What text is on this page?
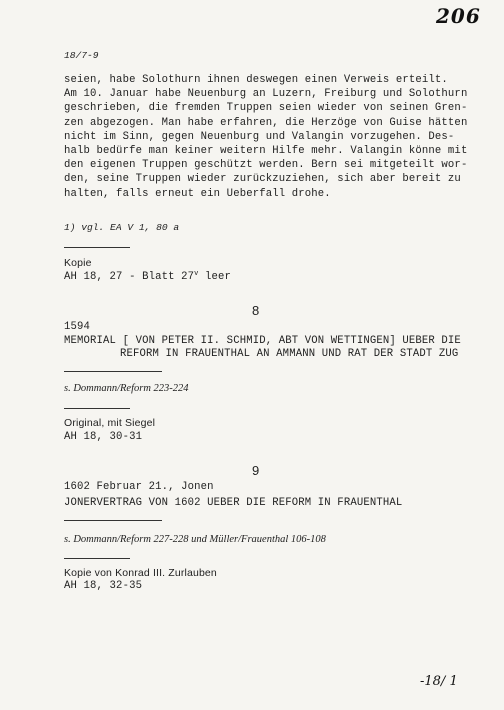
206
18/7-9
seien, habe Solothurn ihnen deswegen einen Verweis erteilt.
Am 10. Januar habe Neuenburg an Luzern, Freiburg und Solothurn
geschrieben, die fremden Truppen seien wieder von seinen Gren-
zen abgezogen. Man habe erfahren, die Herzöge von Guise hätten
nicht im Sinn, gegen Neuenburg und Valangin vorzugehen. Des-
halb bedürfe man keiner weitern Hilfe mehr. Valangin könne mit
den eigenen Truppen geschützt werden. Bern sei mitgeteilt wor-
den, seine Truppen wieder zurückzuziehen, sich aber bereit zu
halten, falls erneut ein Ueberfall drohe.
1) vgl. EA V 1, 80 a
Kopie
AH 18, 27 - Blatt 27$^v$ leer
8
1594
MEMORIAL [ VON PETER II. SCHMID, ABT VON WETTINGEN] UEBER DIE
REFORM IN FRAUENTHAL AN AMMANN UND RAT DER STADT ZUG
s. Dommann/Reform 223-224
Original, mit Siegel
AH 18, 30-31
9
1602 Februar 21., Jonen
JONERVERTRAG VON 1602 UEBER DIE REFORM IN FRAUENTHAL
s. Dommann/Reform 227-228 und Müller/Frauenthal 106-108
Kopie von Konrad III. Zurlauben
AH 18, 32-35
-18/ 1
